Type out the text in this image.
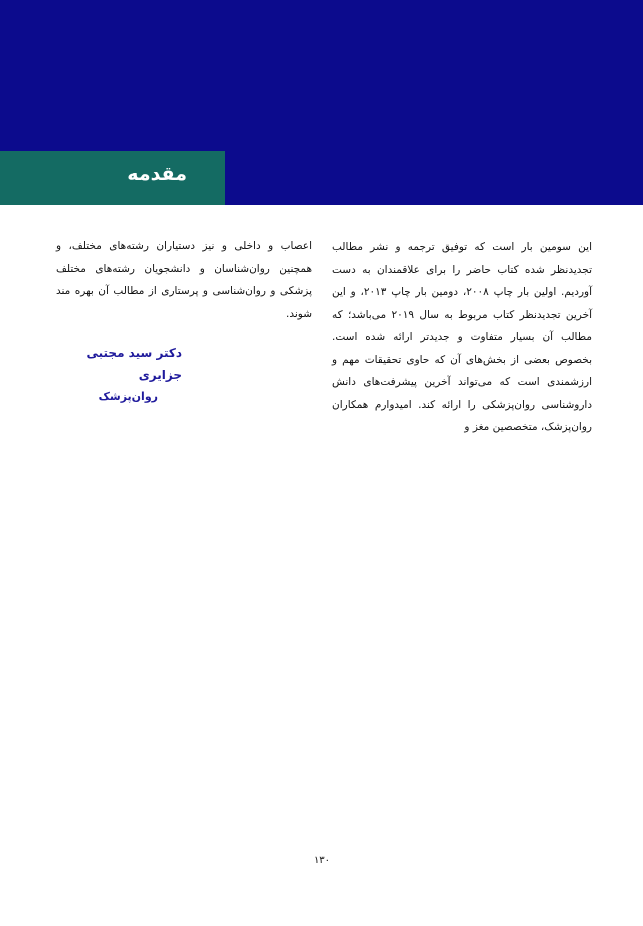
مقدمه
این سومین بار است که توفیق ترجمه و نشر مطالب تجدیدنظر شده کتاب حاضر را برای علاقمندان به دست آوردیم. اولین بار چاپ ۲۰۰۸، دومین بار چاپ ۲۰۱۳، و این آخرین تجدیدنظر کتاب مربوط به سال ۲۰۱۹ می‌باشد؛ که مطالب آن بسیار متفاوت و جدیدتر ارائه شده است. بخصوص بعضی از بخش‌های آن که حاوی تحقیقات مهم و ارزشمندی است که می‌تواند آخرین پیشرفت‌های دانش داروشناسی روان‌پزشکی را ارائه کند. امیدوارم همکاران روان‌پزشک، متخصصین مغز و
اعصاب و داخلی و نیز دستیاران رشته‌های مختلف، و همچنین روان‌شناسان و دانشجویان رشته‌های مختلف پزشکی و روان‌شناسی و پرستاری از مطالب آن بهره مند شوند.
دکتر سید مجتبی جزایری
روان‌پزشک
۱۳۰
